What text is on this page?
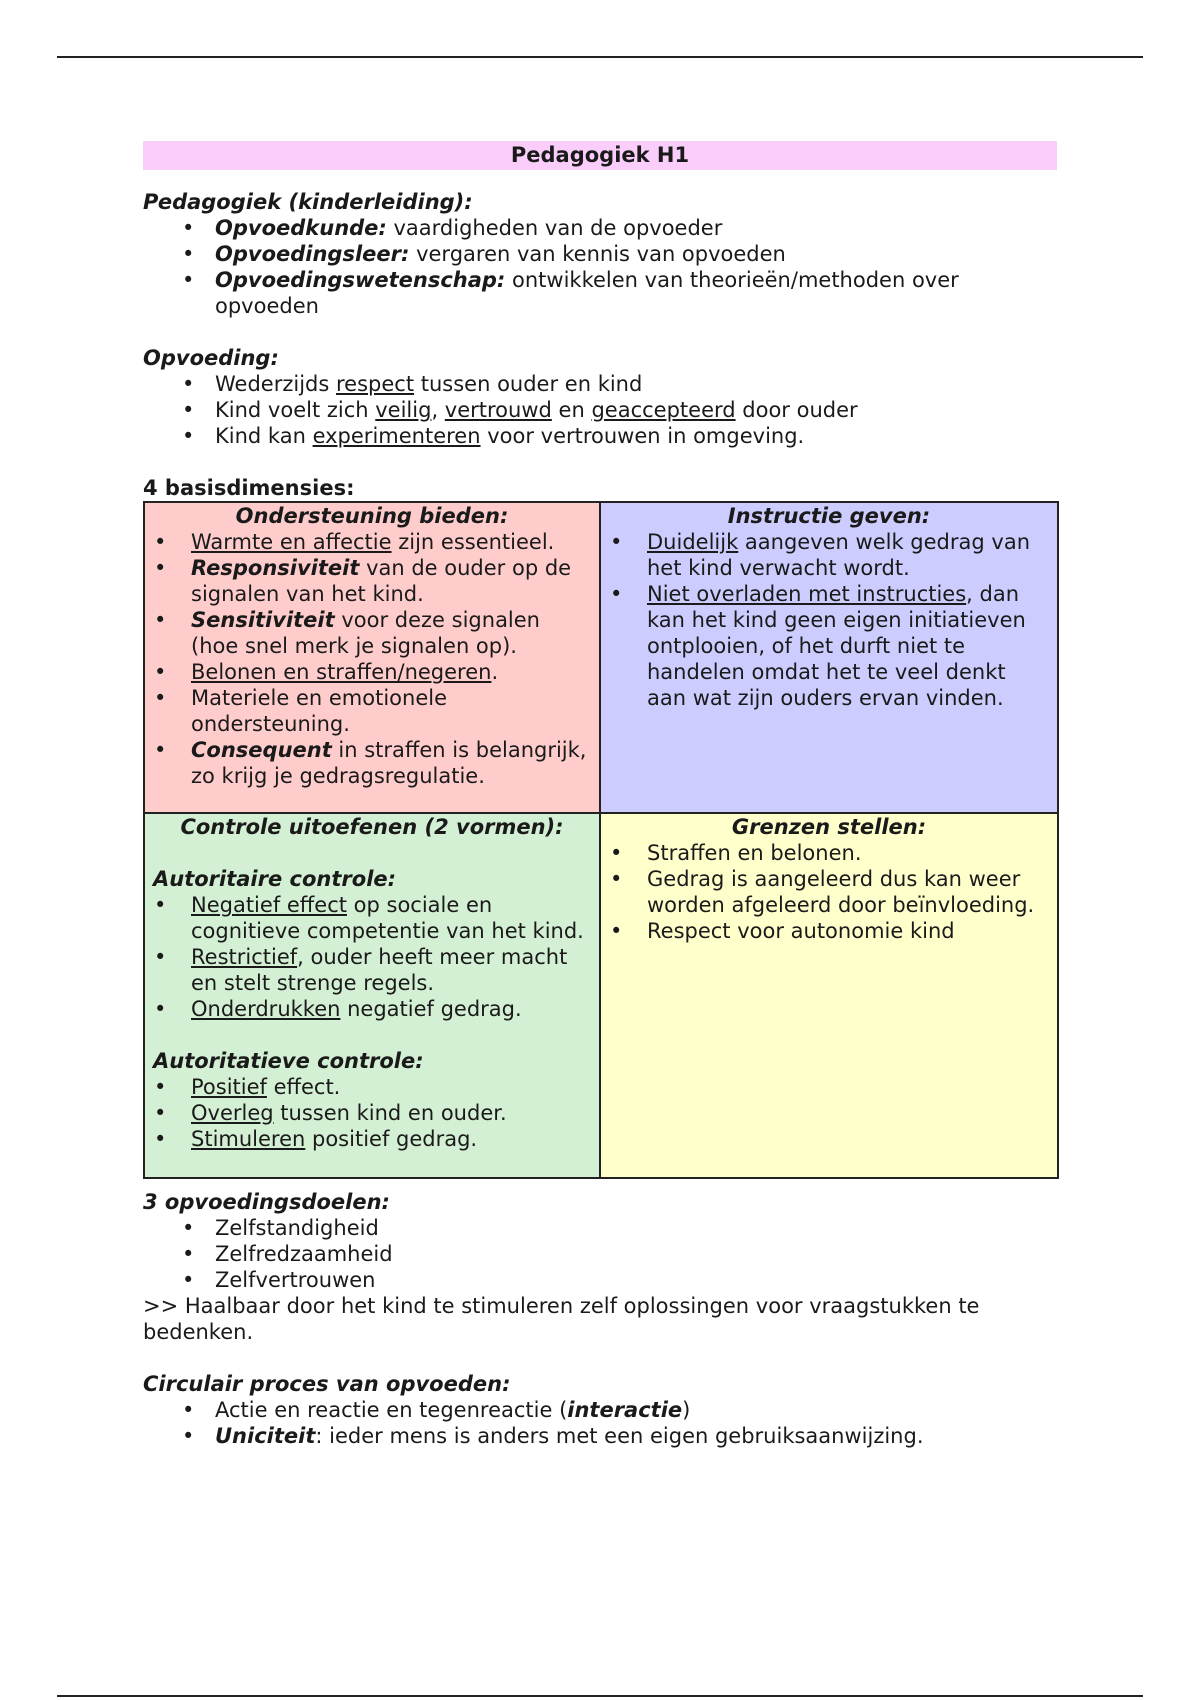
Pedagogiek H1
Pedagogiek (kinderleiding):
• Opvoedkunde: vaardigheden van de opvoeder
• Opvoedingsleer: vergaren van kennis van opvoeden
• Opvoedingswetenschap: ontwikkelen van theorieën/methoden over opvoeden
Opvoeding:
• Wederzijds respect tussen ouder en kind
• Kind voelt zich veilig, vertrouwd en geaccepteerd door ouder
• Kind kan experimenteren voor vertrouwen in omgeving.
4 basisdimensies:
Ondersteuning bieden:
• Warmte en affectie zijn essentieel.
• Responsiviteit van de ouder op de signalen van het kind.
• Sensitiviteit voor deze signalen (hoe snel merk je signalen op).
• Belonen en straffen/negeren.
• Materiele en emotionele ondersteuning.
• Consequent in straffen is belangrijk, zo krijg je gedragsregulatie.
Instructie geven:
• Duidelijk aangeven welk gedrag van het kind verwacht wordt.
• Niet overladen met instructies, dan kan het kind geen eigen initiatieven ontplooien, of het durft niet te handelen omdat het te veel denkt aan wat zijn ouders ervan vinden.
Controle uitoefenen (2 vormen):
Autoritaire controle:
• Negatief effect op sociale en cognitieve competentie van het kind.
• Restrictief, ouder heeft meer macht en stelt strenge regels.
• Onderdrukken negatief gedrag.
Autoritatieve controle:
• Positief effect.
• Overleg tussen kind en ouder.
• Stimuleren positief gedrag.
Grenzen stellen:
• Straffen en belonen.
• Gedrag is aangeleerd dus kan weer worden afgeleerd door beïnvloeding.
• Respect voor autonomie kind
3 opvoedingsdoelen:
• Zelfstandigheid
• Zelfredzaamheid
• Zelfvertrouwen
>> Haalbaar door het kind te stimuleren zelf oplossingen voor vraagstukken te bedenken.
Circulair proces van opvoeden:
• Actie en reactie en tegenreactie (interactie)
• Uniciteit: ieder mens is anders met een eigen gebruiksaanwijzing.
